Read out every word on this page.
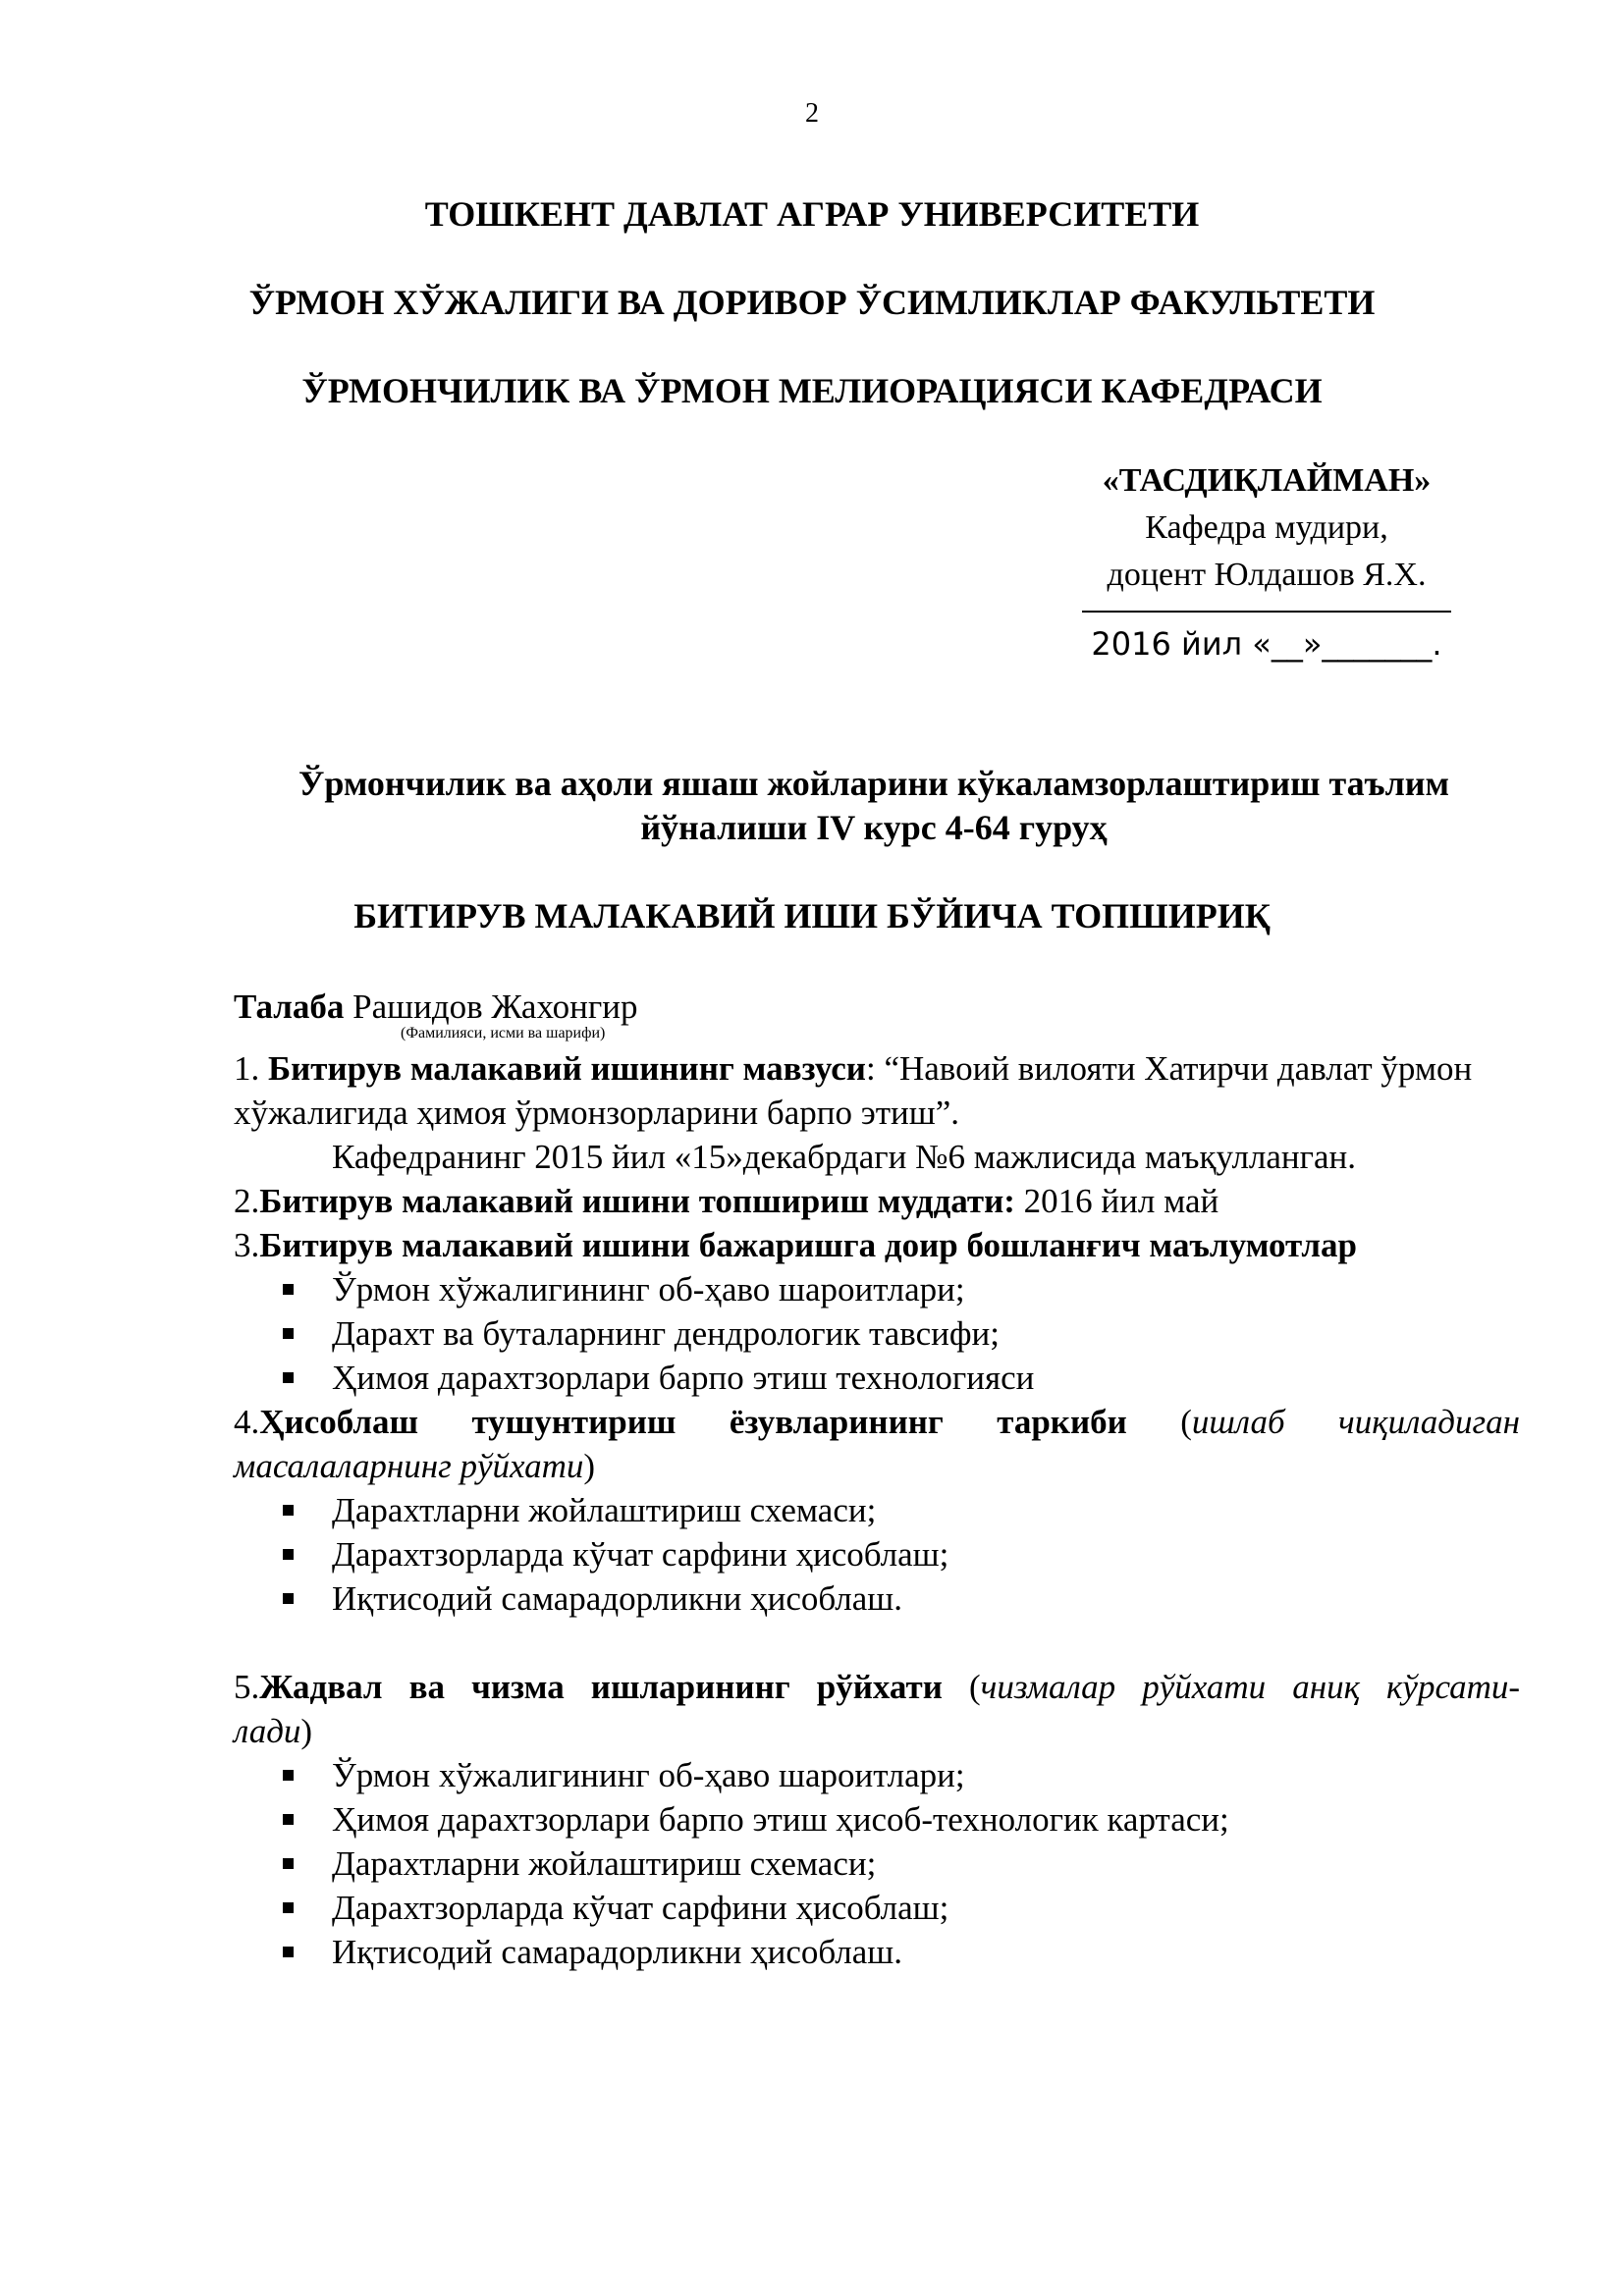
2
ТОШКЕНТ ДАВЛАТ АГРАР УНИВЕРСИТЕТИ
ЎРМОН ХЎЖАЛИГИ ВА ДОРИВОР ЎСИМЛИКЛАР ФАКУЛЬТЕТИ
ЎРМОНЧИЛИК ВА ЎРМОН МЕЛИОРАЦИЯСИ КАФЕДРАСИ
«ТАСДИҚЛАЙМАН»
Кафедра мудири,
доцент Юлдашов Я.Х.
2016 йил «__»_______.
Ўрмончилик ва аҳоли яшаш жойларини кўкаламзорлаштириш таълим йўналиши IV курс 4-64 гуруҳ
БИТИРУВ МАЛАКАВИЙ ИШИ БЎЙИЧА ТОПШИРИҚ

Талаба Рашидов Жахонгир

(Фамилияси, исми ва шарифи)

1. Битирув малакавий ишининг мавзуси: “Навоий вилояти Хатирчи давлат ўрмон хўжалигида ҳимоя ўрмонзорларини барпо этиш”.

Кафедранинг 2015 йил «15»декабрдаги №6 мажлисида маъқулланган.

2.Битирув малакавий ишини топшириш муддати: 2016 йил май

3.Битирув малакавий ишини бажаришга доир бошланғич маълумотлар

Ўрмон хўжалигининг об-ҳаво шароитлари;
Дарахт ва буталарнинг дендрологик тавсифи;
Ҳимоя дарахтзорлари барпо этиш технологияси

4.Ҳисоблаш тушунтириш ёзувларининг таркиби (ишлаб чиқиладиган

масалаларнинг рўйхати)

Дарахтларни жойлаштириш схемаси;
Дарахтзорларда кўчат сарфини ҳисоблаш;
Иқтисодий самарадорликни ҳисоблаш.

5.Жадвал ва чизма ишларининг рўйхати (чизмалар рўйхати аниқ кўрсати-

лади)

Ўрмон хўжалигининг об-ҳаво шароитлари;
Ҳимоя дарахтзорлари барпо этиш ҳисоб-технологик картаси;
Дарахтларни жойлаштириш схемаси;
Дарахтзорларда кўчат сарфини ҳисоблаш;
Иқтисодий самарадорликни ҳисоблаш.
